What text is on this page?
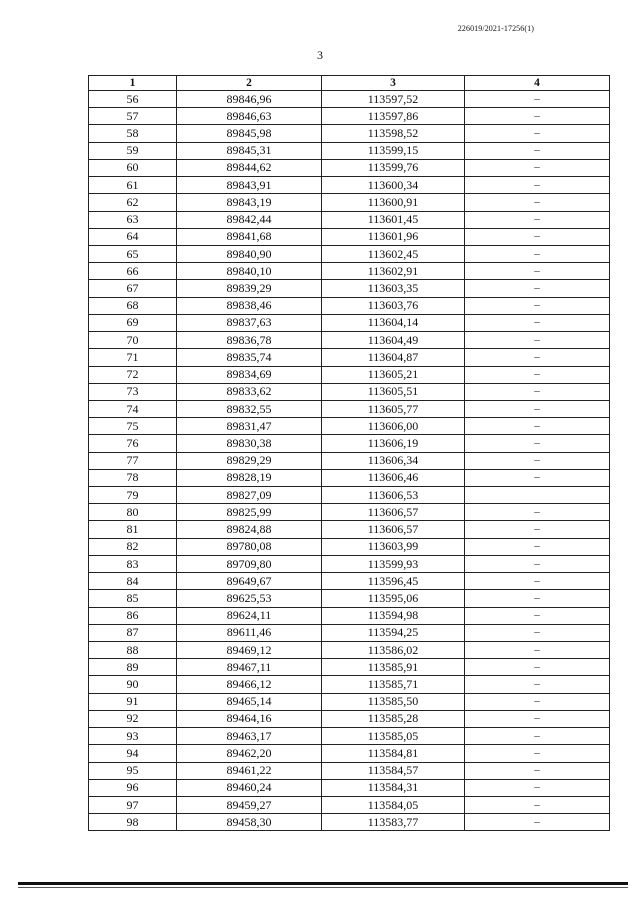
226019/2021-17256(1)
3
1	2	3	4
56	89846,96	113597,52	–
57	89846,63	113597,86	–
58	89845,98	113598,52	–
59	89845,31	113599,15	–
60	89844,62	113599,76	–
61	89843,91	113600,34	–
62	89843,19	113600,91	–
63	89842,44	113601,45	–
64	89841,68	113601,96	–
65	89840,90	113602,45	–
66	89840,10	113602,91	–
67	89839,29	113603,35	–
68	89838,46	113603,76	–
69	89837,63	113604,14	–
70	89836,78	113604,49	–
71	89835,74	113604,87	–
72	89834,69	113605,21	–
73	89833,62	113605,51	–
74	89832,55	113605,77	–
75	89831,47	113606,00	–
76	89830,38	113606,19	–
77	89829,29	113606,34	–
78	89828,19	113606,46	–
79	89827,09	113606,53	
80	89825,99	113606,57	–
81	89824,88	113606,57	–
82	89780,08	113603,99	–
83	89709,80	113599,93	–
84	89649,67	113596,45	–
85	89625,53	113595,06	–
86	89624,11	113594,98	–
87	89611,46	113594,25	–
88	89469,12	113586,02	–
89	89467,11	113585,91	–
90	89466,12	113585,71	–
91	89465,14	113585,50	–
92	89464,16	113585,28	–
93	89463,17	113585,05	–
94	89462,20	113584,81	–
95	89461,22	113584,57	–
96	89460,24	113584,31	–
97	89459,27	113584,05	–
98	89458,30	113583,77	–
